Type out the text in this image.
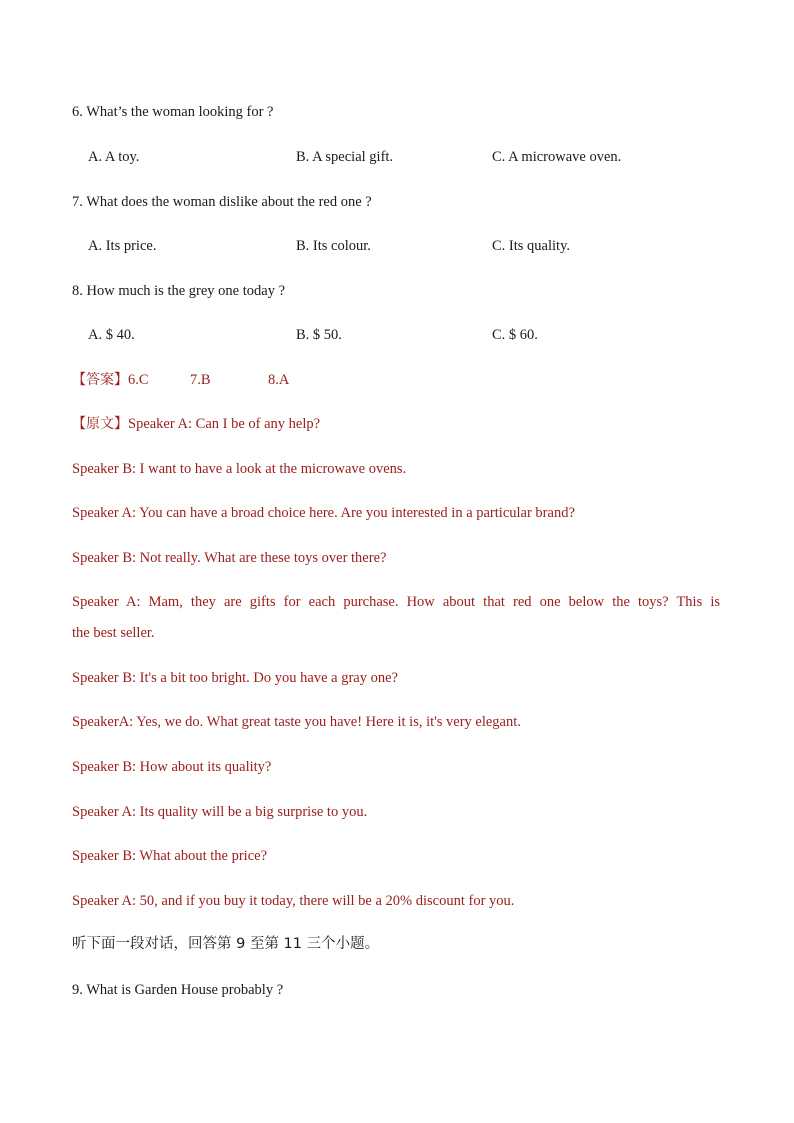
6. What’s the woman looking for ?
A. A toy.	B. A special gift.	C. A microwave oven.
7. What does the woman dislike about the red one ?
A. Its price.	B. Its colour.	C. Its quality.
8. How much is the grey one today ?
A. $ 40.	B. $ 50.	C. $ 60.
【答案】6.C	7.B	8.A
【原文】Speaker A: Can I be of any help?
Speaker B: I want to have a look at the microwave ovens.
Speaker A: You can have a broad choice here. Are you interested in a particular brand?
Speaker B: Not really. What are these toys over there?
Speaker A: Mam, they are gifts for each purchase. How about that red one below the toys? This is
the best seller.
Speaker B: It's a bit too bright. Do you have a gray one?
SpeakerA: Yes, we do. What great taste you have! Here it is, it's very elegant.
Speaker B: How about its quality?
Speaker A: Its quality will be a big surprise to you.
Speaker B: What about the price?
Speaker A: 50, and if you buy it today, there will be a 20% discount for you.
听下面一段对话，回答第 9 至第 11 三个小题。
9. What is Garden House probably ?
